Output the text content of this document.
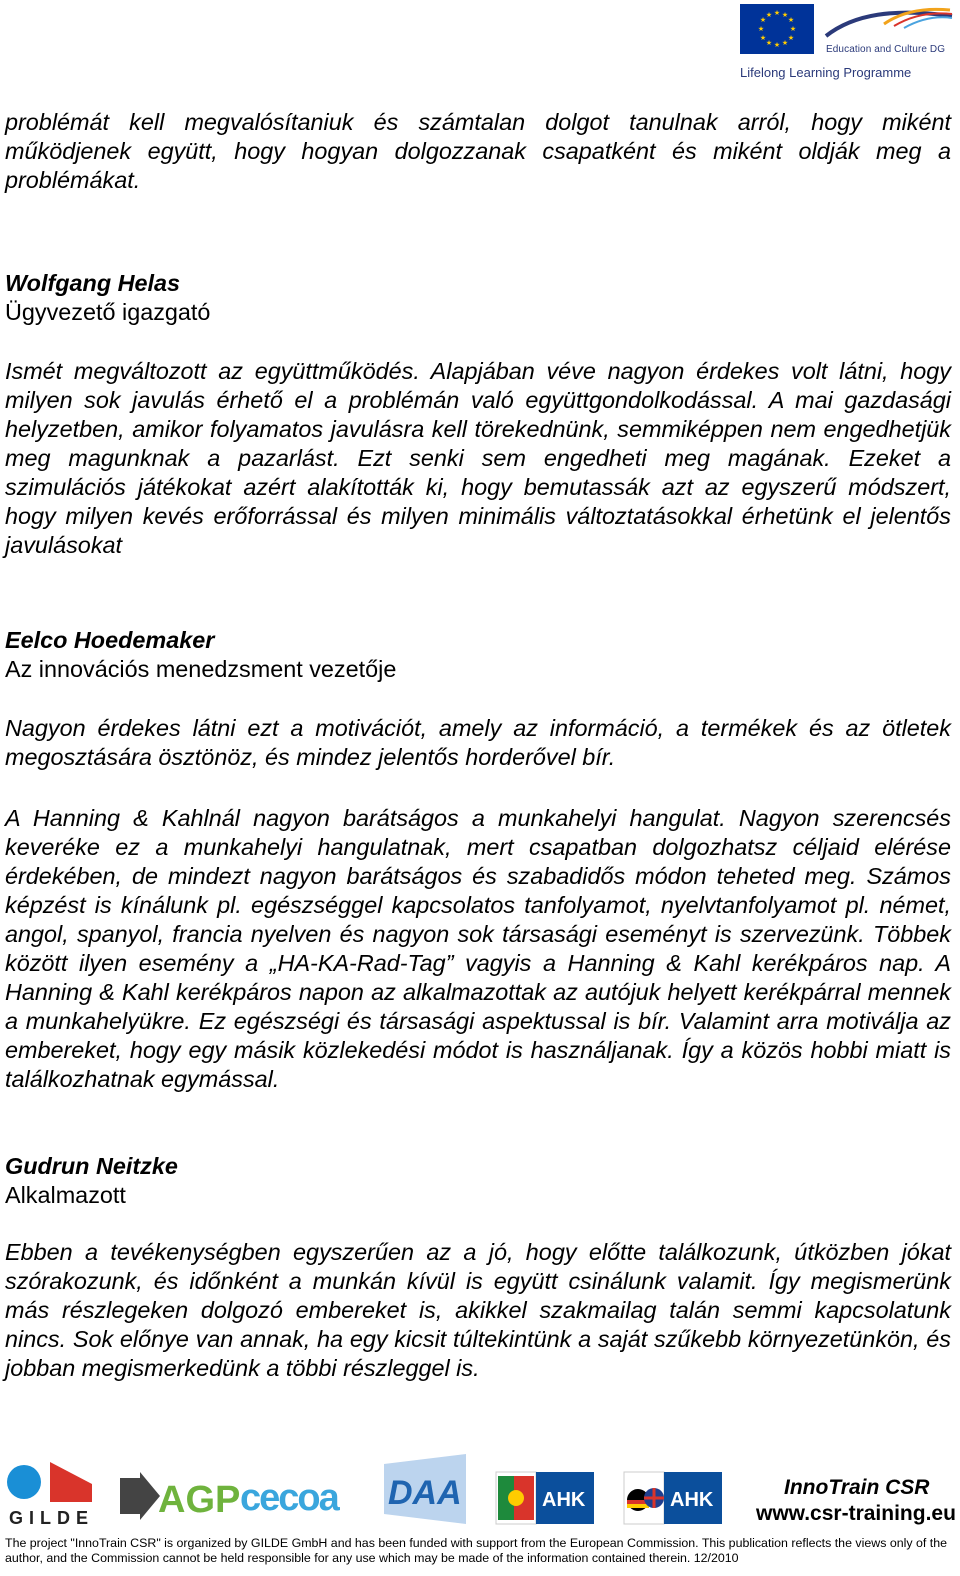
★ ★
★
★
★
★
★
★
★
★
★
★
Education and Culture DG
Lifelong Learning Programme

problémát kell megvalósítaniuk és számtalan dolgot tanulnak arról, hogy miként működjenek együtt, hogy hogyan dolgozzanak csapatként és miként oldják meg a problémákat.

Wolfgang Helas
Ügyvezető igazgató

Ismét megváltozott az együttműködés. Alapjában véve nagyon érdekes volt látni, hogy milyen sok javulás érhető el a problémán való együttgondolkodással. A mai gazdasági helyzetben, amikor folyamatos javulásra kell törekednünk, semmiképpen nem engedhetjük meg magunknak a pazarlást. Ezt senki sem engedheti meg magának. Ezeket a szimulációs játékokat azért alakították ki, hogy bemutassák azt az egyszerű módszert, hogy milyen kevés erőforrással és milyen minimális változtatásokkal érhetünk el jelentős javulásokat

Eelco Hoedemaker
Az innovációs menedzsment vezetője

Nagyon érdekes látni ezt a motivációt, amely az információ, a termékek és az ötletek megosztására ösztönöz, és mindez jelentős horderővel bír.

A Hanning & Kahlnál nagyon barátságos a munkahelyi hangulat. Nagyon szerencsés keveréke ez a munkahelyi hangulatnak, mert csapatban dolgozhatsz céljaid elérése érdekében, de mindezt nagyon barátságos és szabadidős módon teheted meg. Számos képzést is kínálunk pl. egészséggel kapcsolatos tanfolyamot, nyelvtanfolyamot pl. német, angol, spanyol, francia nyelven és nagyon sok társasági eseményt is szervezünk. Többek között ilyen esemény a „HA-KA-Rad-Tag” vagyis a Hanning & Kahl kerékpáros nap. A Hanning & Kahl kerékpáros napon az alkalmazottak az autójuk helyett kerékpárral mennek a munkahelyükre. Ez egészségi és társasági aspektussal is bír. Valamint arra motiválja az embereket, hogy egy másik közlekedési módot is használjanak. Így a közös hobbi miatt is találkozhatnak egymással.

Gudrun Neitzke
Alkalmazott

Ebben a tevékenységben egyszerűen az a jó, hogy előtte találkozunk, útközben jókat szórakozunk, és időnként a munkán kívül is együtt csinálunk valamit. Így megismerünk más részlegeken dolgozó embereket is, akikkel szakmailag talán semmi kapcsolatunk nincs. Sok előnye van annak, ha egy kicsit túltekintünk a saját szűkebb környezetünkön, és jobban megismerkedünk a többi részleggel is.

GILDE AGP cecoa DAA	AHK	AHK
InnoTrain CSR
www.csr-training.eu
The project "InnoTrain CSR" is organized by GILDE GmbH and has been funded with support from the European Commission. This publication reflects the views only of the author, and the Commission cannot be held responsible for any use which may be made of the information contained therein. 12/2010
